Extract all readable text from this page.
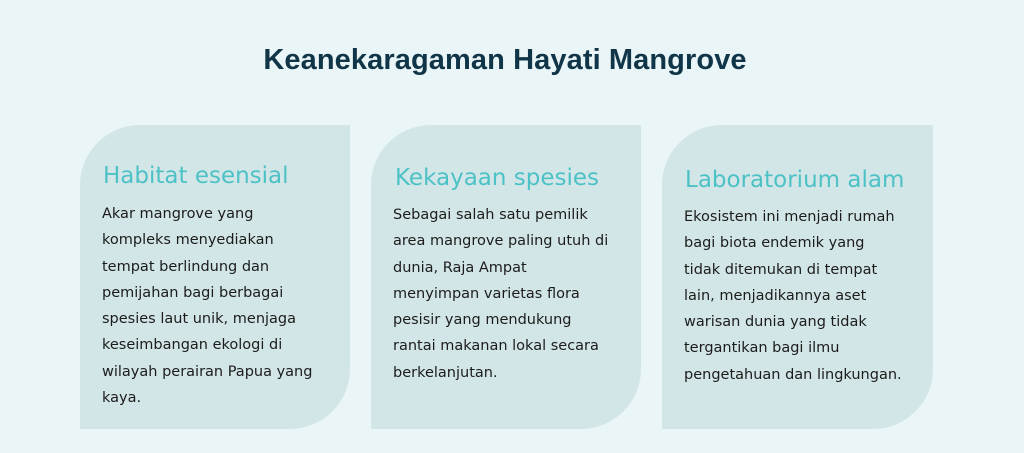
Keanekaragaman Hayati Mangrove
Habitat esensial

Akar mangrove yang
kompleks menyediakan
tempat berlindung dan
pemijahan bagi berbagai
spesies laut unik, menjaga
keseimbangan ekologi di
wilayah perairan Papua yang
kaya.

Kekayaan spesies

Sebagai salah satu pemilik
area mangrove paling utuh di
dunia, Raja Ampat
menyimpan varietas flora
pesisir yang mendukung
rantai makanan lokal secara
berkelanjutan.

Laboratorium alam

Ekosistem ini menjadi rumah
bagi biota endemik yang
tidak ditemukan di tempat
lain, menjadikannya aset
warisan dunia yang tidak
tergantikan bagi ilmu
pengetahuan dan lingkungan.
